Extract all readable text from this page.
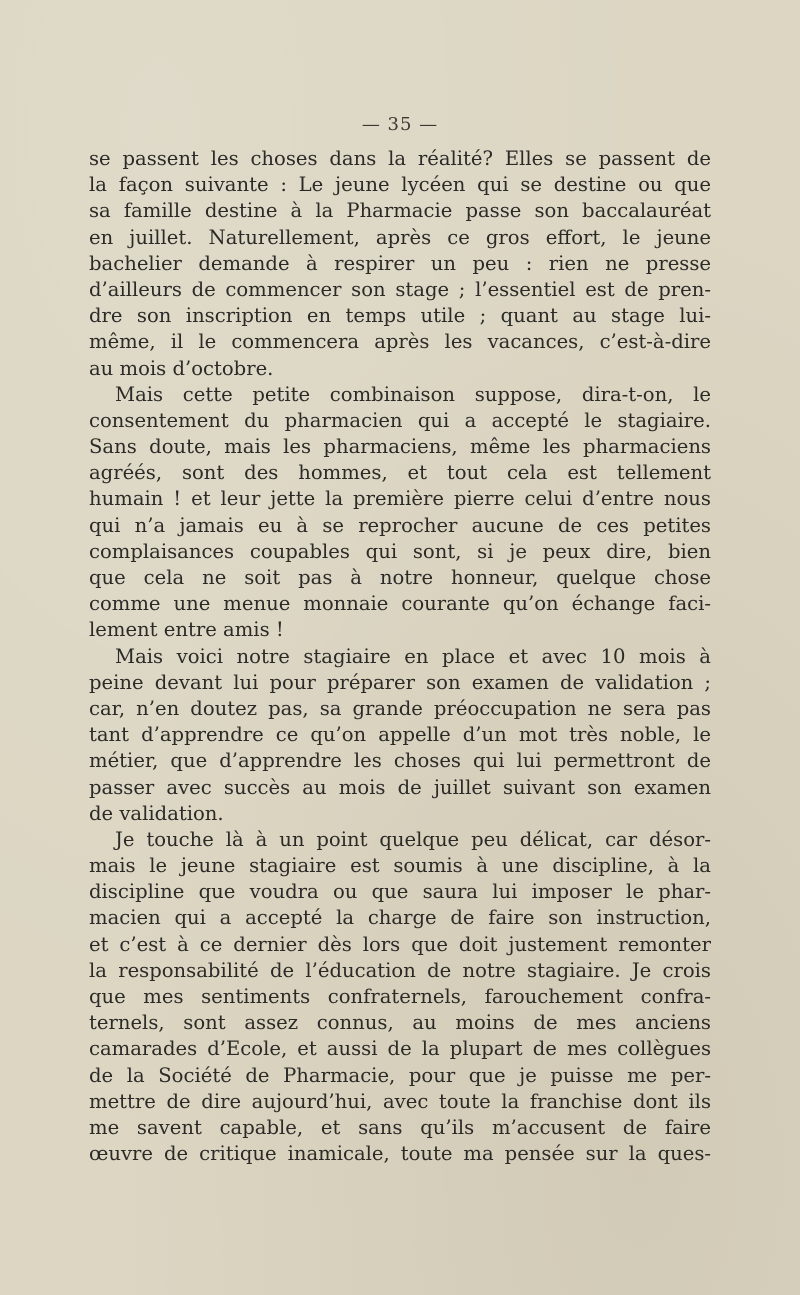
— 35 —
se passent les choses dans la réalité? Elles se passent de
la façon suivante : Le jeune lycéen qui se destine ou que
sa famille destine à la Pharmacie passe son baccalauréat
en juillet. Naturellement, après ce gros effort, le jeune
bachelier demande à respirer un peu : rien ne presse
d’ailleurs de commencer son stage ; l’essentiel est de pren-
dre son inscription en temps utile ; quant au stage lui-
même, il le commencera après les vacances, c’est-à-dire
au mois d’octobre.
Mais cette petite combinaison suppose, dira-t-on, le
consentement du pharmacien qui a accepté le stagiaire.
Sans doute, mais les pharmaciens, même les pharmaciens
agréés, sont des hommes, et tout cela est tellement
humain ! et leur jette la première pierre celui d’entre nous
qui n’a jamais eu à se reprocher aucune de ces petites
complaisances coupables qui sont, si je peux dire, bien
que cela ne soit pas à notre honneur, quelque chose
comme une menue monnaie courante qu’on échange faci-
lement entre amis !
Mais voici notre stagiaire en place et avec 10 mois à
peine devant lui pour préparer son examen de validation ;
car, n’en doutez pas, sa grande préoccupation ne sera pas
tant d’apprendre ce qu’on appelle d’un mot très noble, le
métier, que d’apprendre les choses qui lui permettront de
passer avec succès au mois de juillet suivant son examen
de validation.
Je touche là à un point quelque peu délicat, car désor-
mais le jeune stagiaire est soumis à une discipline, à la
discipline que voudra ou que saura lui imposer le phar-
macien qui a accepté la charge de faire son instruction,
et c’est à ce dernier dès lors que doit justement remonter
la responsabilité de l’éducation de notre stagiaire. Je crois
que mes sentiments confraternels, farouchement confra-
ternels, sont assez connus, au moins de mes anciens
camarades d’Ecole, et aussi de la plupart de mes collègues
de la Société de Pharmacie, pour que je puisse me per-
mettre de dire aujourd’hui, avec toute la franchise dont ils
me savent capable, et sans qu’ils m’accusent de faire
œuvre de critique inamicale, toute ma pensée sur la ques-
